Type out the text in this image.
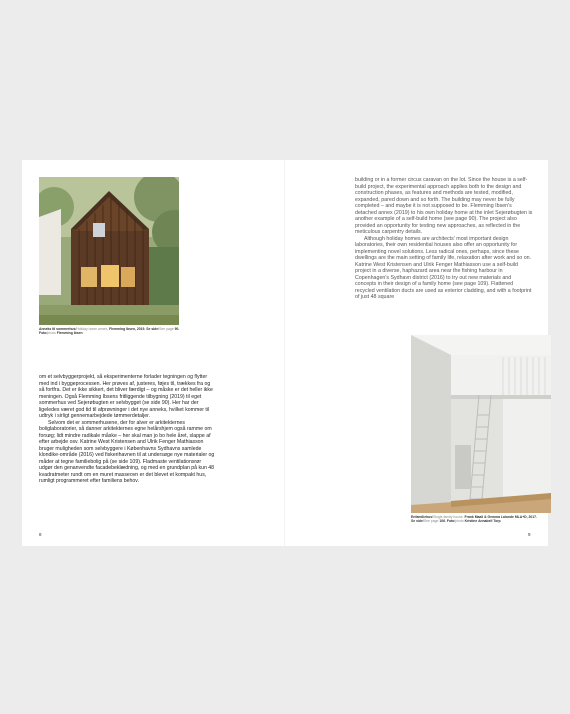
Anneks til sommerhus/Holiday home annex, Flemming Ibsen, 2019. Se side/See page 90.
Foto/photo Flemming Ibsen

om et selvbyggerprojekt, så eksperimenterne forlader tegningen og flytter med ind i byggeprocessen. Her prøves af, justeres, føjes til, trækkes fra og så fortfra. Det er ikke sikkert, det bliver færdigt – og måske er det heller ikke meningen. Også Flemming Ibsens fritliggende tilbygning (2019) til eget sommerhus ved Sejerøbugten er selvbygget (se side 90). Her har der ligeledes været god tid til afprøvninger i det nye anneks, hvilket kommer til udtryk i sirligt gennemarbejdede tømmerdetaljer.

Selvom det er sommerhusene, der for alver er arkitekternes boliglaboratorier, så danner arkitekternes egne helårshjem også ramme om forsøg; lidt mindre radikale måske – her skal man jo bo hele året, slappe af efter arbejde osv. Katrine West Kristensen and Ulrik Fenger Mathiasson bruger muligheden som selvbyggere i Københavns Sydhavns samlede klondike-område (2016) ved fiskerihavnen til at undersøge nye materialer og måder at tegne familiebolig på (se side 109). Fladmaste ventilationsrør udgør den genanvendte facadebeklædning, og med en grundplan på kun 48 kvadratmeter rundt om en muret masseovn er det blevet et kompakt hus, rumligt programmeret efter familiens behov.

8

building or in a former circus caravan on the lot. Since the house is a self-build project, the experimental approach applies both to the design and construction phases, as features and methods are tested, modified, expanded, pared down and so forth. The building may never be fully completed – and maybe it is not supposed to be. Flemming Ibsen's detached annex (2019) to his own holiday home at the inlet Sejerøbugten is another example of a self-build home (see page 90). The project also provided an opportunity for testing new approaches, as reflected in the meticulous carpentry details.

Although holiday homes are architects' most important design laboratories, their own residential houses also offer an opportunity for implementing novel solutions. Less radical ones, perhaps, since these dwellings are the main setting of family life, relaxation after work and so on. Katrine West Kristensen and Ulrik Fenger Mathiasson use a self-build project in a diverse, haphazard area near the fishing harbour in Copenhagen's Sydhavn district (2016) to try out new materials and concepts in their design of a family home (see page 109). Flattened recycled ventilation ducts are used as exterior cladding, and with a footprint of just 48 square

Enfamiliehus/Single-family house, Frank Maali & Gemma Lalonde MLA+D, 2017.
Se side/See page 106. Foto/photo Kristine Annabell Torp
9
